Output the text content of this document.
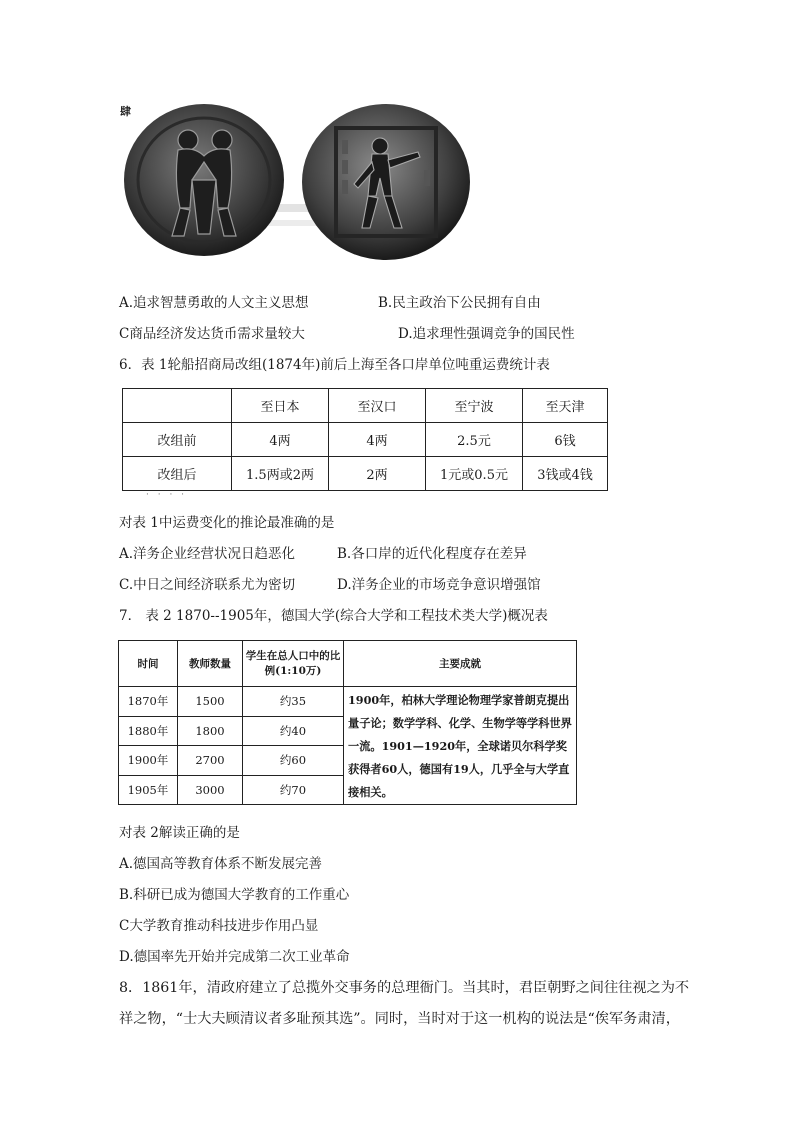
肆
A.追求智慧勇敢的人文主义思想	B.民主政治下公民拥有自由
C商品经济发达货币需求量较大	D.追求理性强调竞争的国民性
6．表 1轮船招商局改组(1874年)前后上海至各口岸单位吨重运费统计表
	至日本	至汉口	至宁波	至天津
改组前	4两	4两	2.5元	6钱
改组后	1.5两或2两	2两	1元或0.5元	3钱或4钱
· · · ·
对表 1中运费变化的推论最准确的是
A.洋务企业经营状况日趋恶化	B.各口岸的近代化程度存在差异
C.中日之间经济联系尤为密切	D.洋务企业的市场竞争意识增强馆
7． 表 2 1870--1905年，德国大学(综合大学和工程技术类大学)概况表
时间	教师数量	学生在总人口中的比例(1:10万)	主要成就
1870年	1500	约35	1900年，柏林大学理论物理学家普朗克提出量子论；数学学科、化学、生物学等学科世界一流。1901—1920年，全球诺贝尔科学奖获得者60人，德国有19人，几乎全与大学直接相关。
1880年	1800	约40	
1900年	2700	约60	
1905年	3000	约70	
对表 2解读正确的是
A.德国高等教育体系不断发展完善
B.科研已成为德国大学教育的工作重心
C大学教育推动科技进步作用凸显
D.德国率先开始并完成第二次工业革命
8．1861年，清政府建立了总揽外交事务的总理衙门。当其时，君臣朝野之间往往视之为不
祥之物，“士大夫顾清议者多耻预其选”。同时，当时对于这一机构的说法是“俟军务肃清，
